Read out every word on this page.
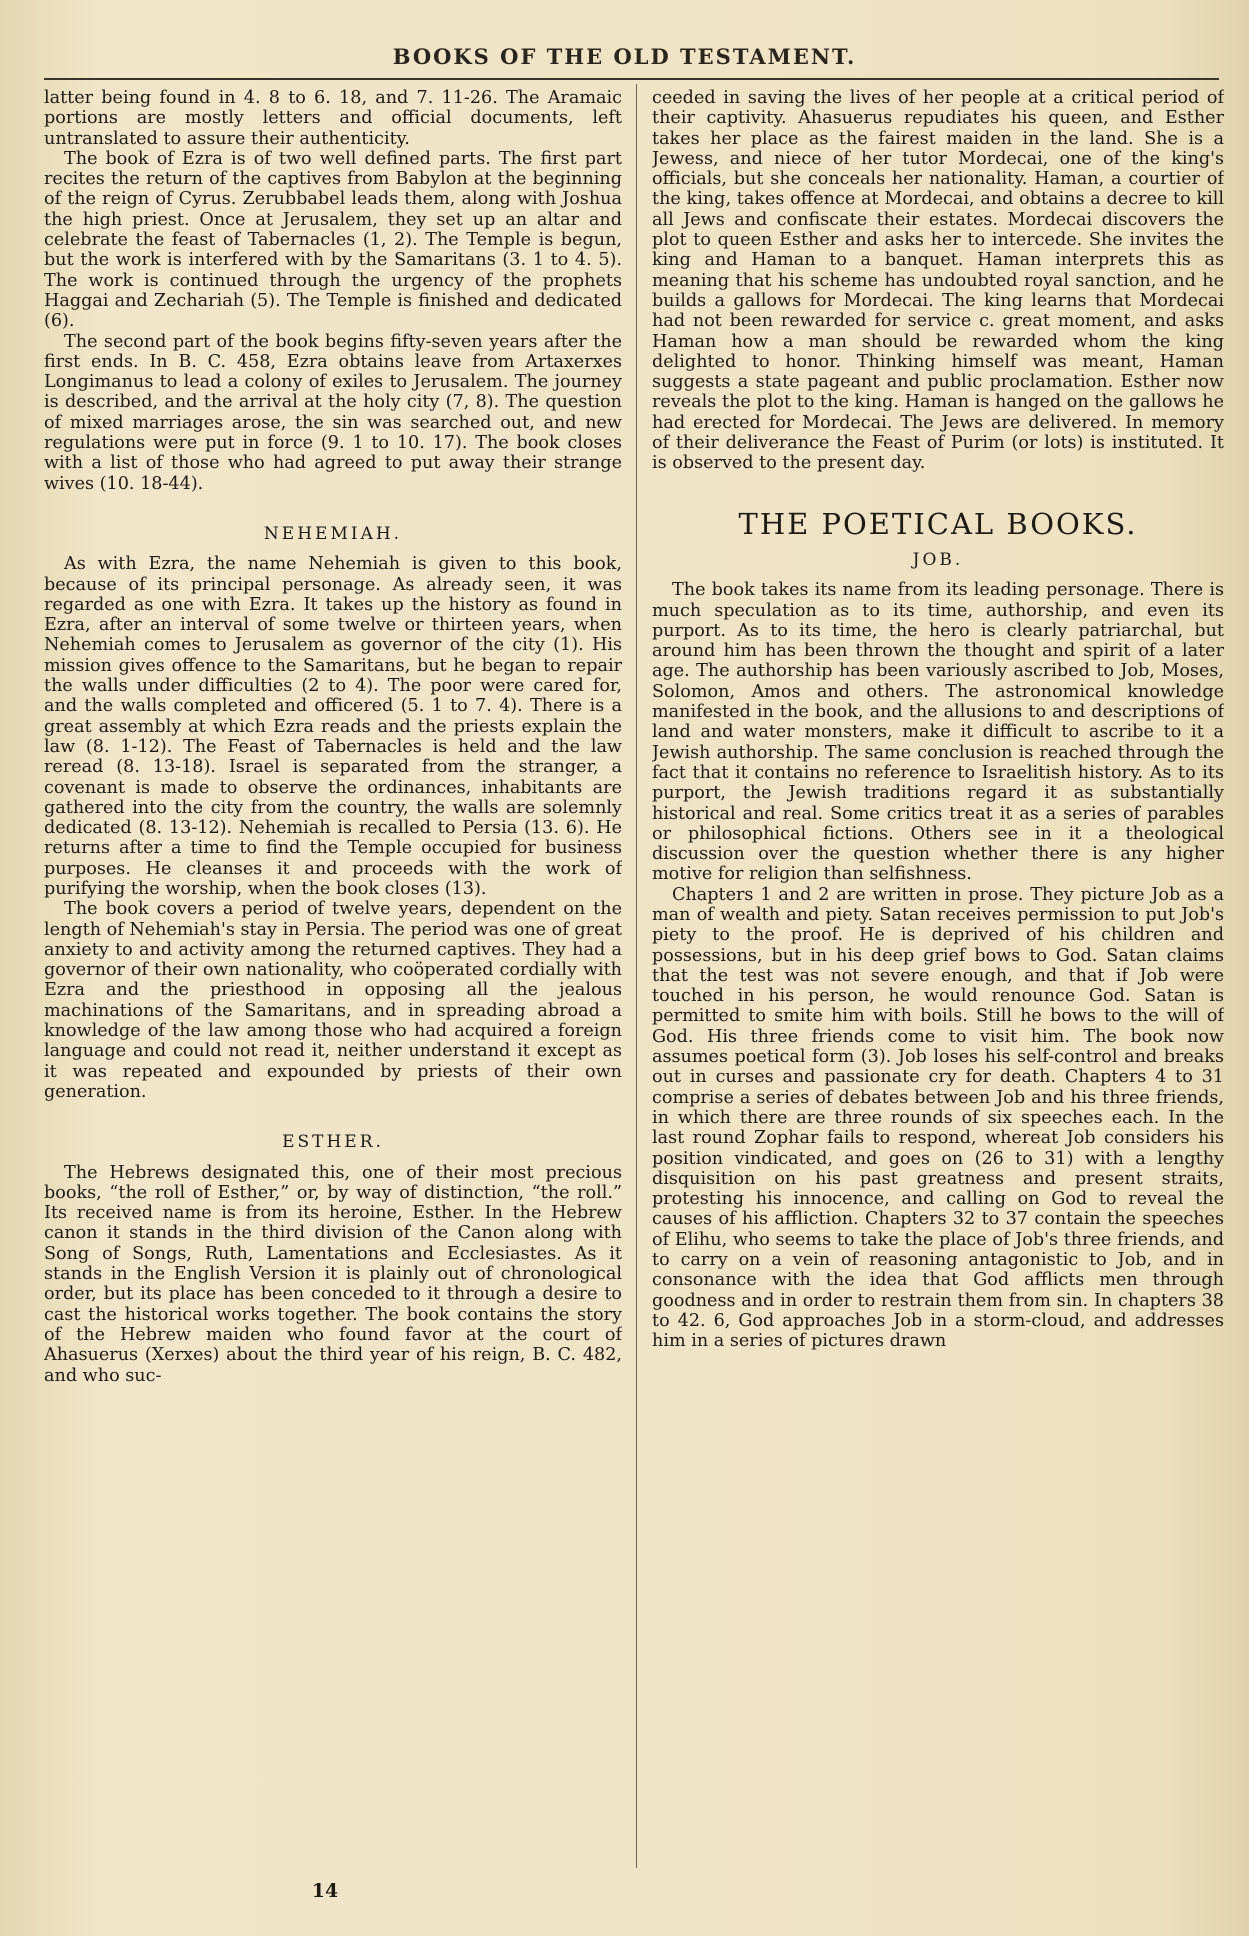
BOOKS OF THE OLD TESTAMENT.

latter being found in 4. 8 to 6. 18, and 7. 11-26. The Aramaic portions are mostly letters and official documents, left untranslated to assure their authenticity.

The book of Ezra is of two well defined parts. The first part recites the return of the captives from Babylon at the beginning of the reign of Cyrus. Zerubbabel leads them, along with Joshua the high priest. Once at Jerusalem, they set up an altar and celebrate the feast of Tabernacles (1, 2). The Temple is begun, but the work is interfered with by the Samaritans (3. 1 to 4. 5). The work is continued through the urgency of the prophets Haggai and Zechariah (5). The Temple is finished and dedicated (6).

The second part of the book begins fifty-seven years after the first ends. In B. C. 458, Ezra obtains leave from Artaxerxes Longimanus to lead a colony of exiles to Jerusalem. The journey is described, and the arrival at the holy city (7, 8). The question of mixed marriages arose, the sin was searched out, and new regulations were put in force (9. 1 to 10. 17). The book closes with a list of those who had agreed to put away their strange wives (10. 18-44).

NEHEMIAH.

As with Ezra, the name Nehemiah is given to this book, because of its principal personage. As already seen, it was regarded as one with Ezra. It takes up the history as found in Ezra, after an interval of some twelve or thirteen years, when Nehemiah comes to Jerusalem as governor of the city (1). His mission gives offence to the Samaritans, but he began to repair the walls under difficulties (2 to 4). The poor were cared for, and the walls completed and officered (5. 1 to 7. 4). There is a great assembly at which Ezra reads and the priests explain the law (8. 1-12). The Feast of Tabernacles is held and the law reread (8. 13-18). Israel is separated from the stranger, a covenant is made to observe the ordinances, inhabitants are gathered into the city from the country, the walls are solemnly dedicated (8. 13-12). Nehemiah is recalled to Persia (13. 6). He returns after a time to find the Temple occupied for business purposes. He cleanses it and proceeds with the work of purifying the worship, when the book closes (13).

The book covers a period of twelve years, dependent on the length of Nehemiah's stay in Persia. The period was one of great anxiety to and activity among the returned captives. They had a governor of their own nationality, who coöperated cordially with Ezra and the priesthood in opposing all the jealous machinations of the Samaritans, and in spreading abroad a knowledge of the law among those who had acquired a foreign language and could not read it, neither understand it except as it was repeated and expounded by priests of their own generation.

ESTHER.

The Hebrews designated this, one of their most precious books, “the roll of Esther,” or, by way of distinction, “the roll.” Its received name is from its heroine, Esther. In the Hebrew canon it stands in the third division of the Canon along with Song of Songs, Ruth, Lamentations and Ecclesiastes. As it stands in the English Version it is plainly out of chronological order, but its place has been conceded to it through a desire to cast the historical works together. The book contains the story of the Hebrew maiden who found favor at the court of Ahasuerus (Xerxes) about the third year of his reign, B. C. 482, and who suc-

ceeded in saving the lives of her people at a critical period of their captivity. Ahasuerus repudiates his queen, and Esther takes her place as the fairest maiden in the land. She is a Jewess, and niece of her tutor Mordecai, one of the king's officials, but she conceals her nationality. Haman, a courtier of the king, takes offence at Mordecai, and obtains a decree to kill all Jews and confiscate their estates. Mordecai discovers the plot to queen Esther and asks her to intercede. She invites the king and Haman to a banquet. Haman interprets this as meaning that his scheme has undoubted royal sanction, and he builds a gallows for Mordecai. The king learns that Mordecai had not been rewarded for service c. great moment, and asks Haman how a man should be rewarded whom the king delighted to honor. Thinking himself was meant, Haman suggests a state pageant and public proclamation. Esther now reveals the plot to the king. Haman is hanged on the gallows he had erected for Mordecai. The Jews are delivered. In memory of their deliverance the Feast of Purim (or lots) is instituted. It is observed to the present day.

THE POETICAL BOOKS.
JOB.

The book takes its name from its leading personage. There is much speculation as to its time, authorship, and even its purport. As to its time, the hero is clearly patriarchal, but around him has been thrown the thought and spirit of a later age. The authorship has been variously ascribed to Job, Moses, Solomon, Amos and others. The astronomical knowledge manifested in the book, and the allusions to and descriptions of land and water monsters, make it difficult to ascribe to it a Jewish authorship. The same conclusion is reached through the fact that it contains no reference to Israelitish history. As to its purport, the Jewish traditions regard it as substantially historical and real. Some critics treat it as a series of parables or philosophical fictions. Others see in it a theological discussion over the question whether there is any higher motive for religion than selfishness.

Chapters 1 and 2 are written in prose. They picture Job as a man of wealth and piety. Satan receives permission to put Job's piety to the proof. He is deprived of his children and possessions, but in his deep grief bows to God. Satan claims that the test was not severe enough, and that if Job were touched in his person, he would renounce God. Satan is permitted to smite him with boils. Still he bows to the will of God. His three friends come to visit him. The book now assumes poetical form (3). Job loses his self-control and breaks out in curses and passionate cry for death. Chapters 4 to 31 comprise a series of debates between Job and his three friends, in which there are three rounds of six speeches each. In the last round Zophar fails to respond, whereat Job considers his position vindicated, and goes on (26 to 31) with a lengthy disquisition on his past greatness and present straits, protesting his innocence, and calling on God to reveal the causes of his affliction. Chapters 32 to 37 contain the speeches of Elihu, who seems to take the place of Job's three friends, and to carry on a vein of reasoning antagonistic to Job, and in consonance with the idea that God afflicts men through goodness and in order to restrain them from sin. In chapters 38 to 42. 6, God approaches Job in a storm-cloud, and addresses him in a series of pictures drawn

14
